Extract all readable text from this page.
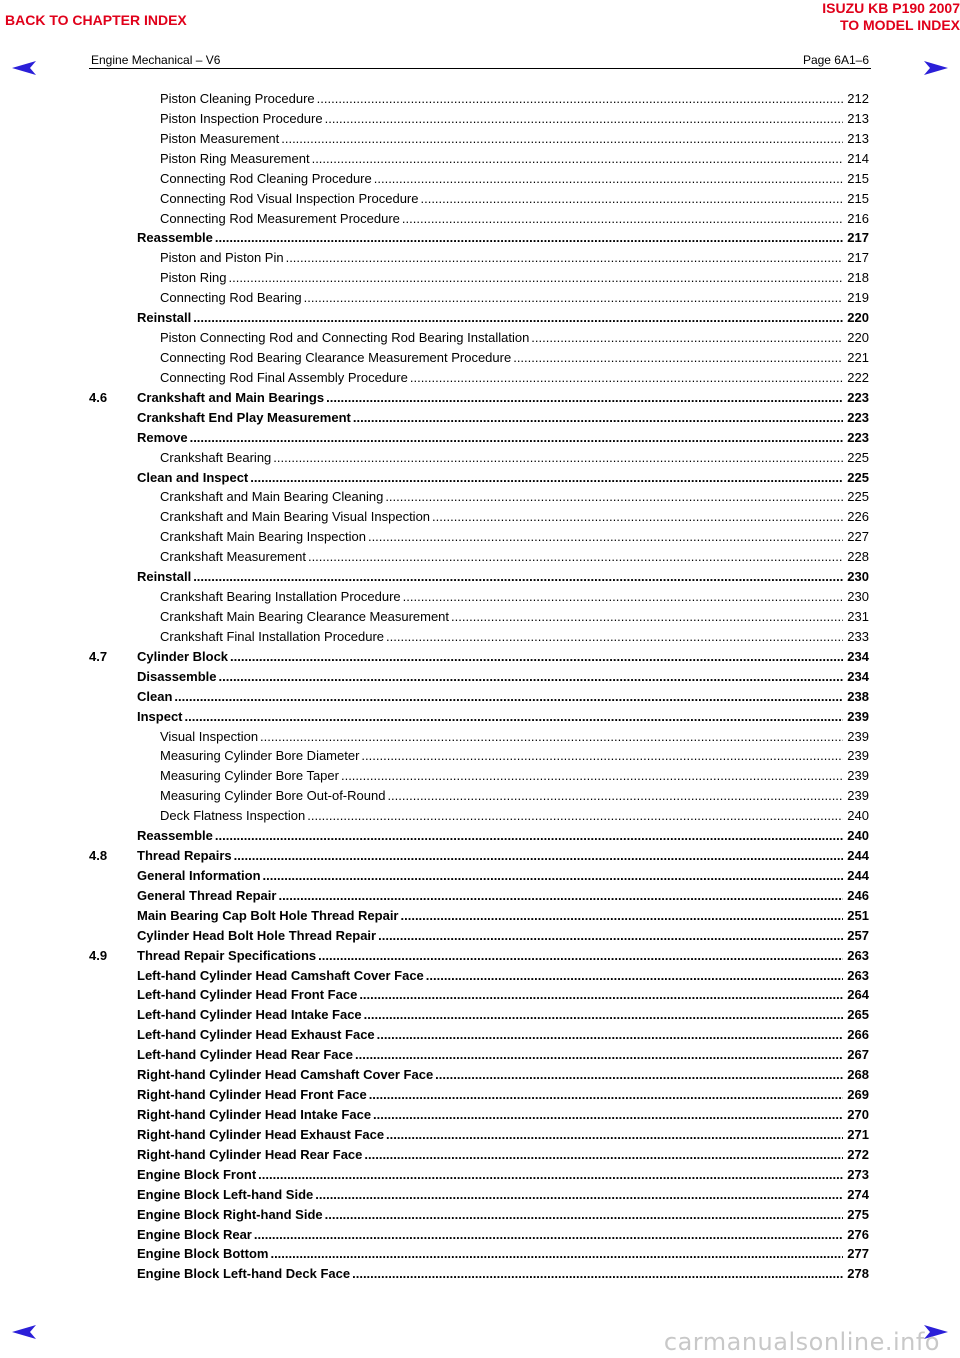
BACK TO CHAPTER INDEX
ISUZU KB P190 2007
TO MODEL INDEX
Engine Mechanical – V6	Page 6A1–6
Piston Cleaning Procedure .....	212
Piston Inspection Procedure .....	213
Piston Measurement .....	213
Piston Ring Measurement .....	214
Connecting Rod Cleaning Procedure .....	215
Connecting Rod Visual Inspection Procedure .....	215
Connecting Rod Measurement Procedure .....	216
Reassemble .....	217
Piston and Piston Pin .....	217
Piston Ring .....	218
Connecting Rod Bearing .....	219
Reinstall .....	220
Piston Connecting Rod and Connecting Rod Bearing Installation .....	220
Connecting Rod Bearing Clearance Measurement Procedure .....	221
Connecting Rod Final Assembly Procedure .....	222
4.6 Crankshaft and Main Bearings .....	223
Crankshaft End Play Measurement .....	223
Remove .....	223
Crankshaft Bearing .....	225
Clean and Inspect .....	225
Crankshaft and Main Bearing Cleaning .....	225
Crankshaft and Main Bearing Visual Inspection .....	226
Crankshaft Main Bearing Inspection .....	227
Crankshaft Measurement .....	228
Reinstall .....	230
Crankshaft Bearing Installation Procedure .....	230
Crankshaft Main Bearing Clearance Measurement .....	231
Crankshaft Final Installation Procedure .....	233
4.7 Cylinder Block .....	234
Disassemble .....	234
Clean .....	238
Inspect .....	239
Visual Inspection .....	239
Measuring Cylinder Bore Diameter .....	239
Measuring Cylinder Bore Taper .....	239
Measuring Cylinder Bore Out-of-Round .....	239
Deck Flatness Inspection .....	240
Reassemble .....	240
4.8 Thread Repairs .....	244
General Information .....	244
General Thread Repair .....	246
Main Bearing Cap Bolt Hole Thread Repair .....	251
Cylinder Head Bolt Hole Thread Repair .....	257
4.9 Thread Repair Specifications .....	263
Left-hand Cylinder Head Camshaft Cover Face .....	263
Left-hand Cylinder Head Front Face .....	264
Left-hand Cylinder Head Intake Face .....	265
Left-hand Cylinder Head Exhaust Face .....	266
Left-hand Cylinder Head Rear Face .....	267
Right-hand Cylinder Head Camshaft Cover Face .....	268
Right-hand Cylinder Head Front Face .....	269
Right-hand Cylinder Head Intake Face .....	270
Right-hand Cylinder Head Exhaust Face .....	271
Right-hand Cylinder Head Rear Face .....	272
Engine Block Front .....	273
Engine Block Left-hand Side .....	274
Engine Block Right-hand Side .....	275
Engine Block Rear .....	276
Engine Block Bottom .....	277
Engine Block Left-hand Deck Face .....	278
carmanualsonline.info
